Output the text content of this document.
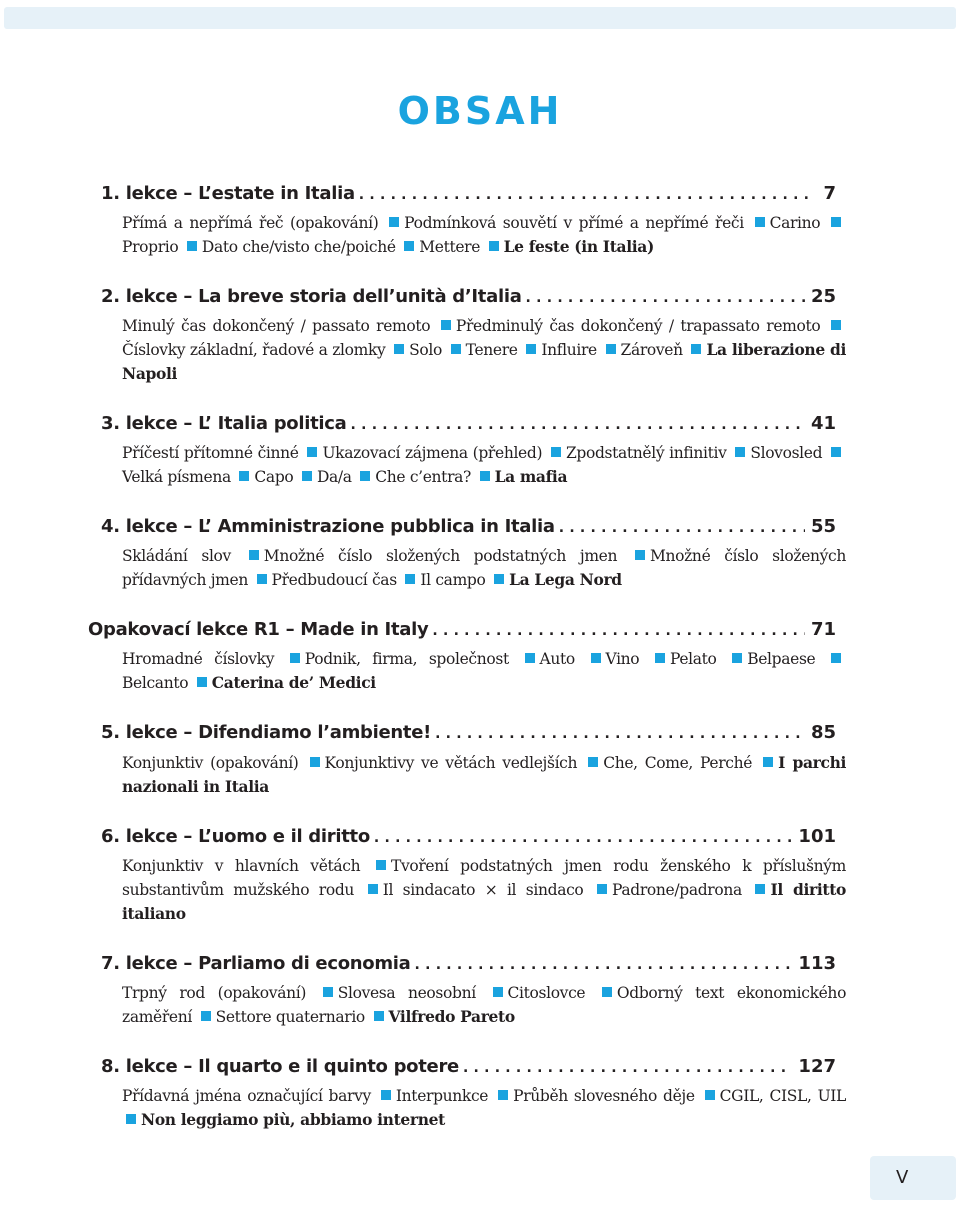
OBSAH
1. lekce – L’estate in Italia . . .	7
Přímá a nepřímá řeč (opakování) Podmínková souvětí v přímé a nepřímé řeči Carino Proprio Dato che/visto che/poiché Mettere Le feste (in Italia)
2. lekce – La breve storia dell’unità d’Italia . . .	25
Minulý čas dokončený / passato remoto Předminulý čas dokončený / trapassato remoto Číslovky základní, řadové a zlomky Solo Tenere Influire Zároveň La liberazione di Napoli
3. lekce – L’ Italia politica . . .	41
Příčestí přítomné činné Ukazovací zájmena (přehled) Zpodstatnělý infinitiv Slovosled Velká písmena Capo Da/a Che c’entra? La mafia
4. lekce – L’ Amministrazione pubblica in Italia . . .	55
Skládání slov Množné číslo složených podstatných jmen Množné číslo složených přídavných jmen Předbudoucí čas Il campo La Lega Nord
Opakovací lekce R1 – Made in Italy . . .	71
Hromadné číslovky Podnik, firma, společnost Auto Vino Pelato Belpaese Belcanto Caterina de’ Medici
5. lekce – Difendiamo l’ambiente! . . .	85
Konjunktiv (opakování) Konjunktivy ve větách vedlejších Che, Come, Perché I parchi nazionali in Italia
6. lekce – L’uomo e il diritto . . .	101
Konjunktiv v hlavních větách Tvoření podstatných jmen rodu ženského k příslušným substantivům mužského rodu Il sindacato × il sindaco Padrone/padrona Il diritto italiano
7. lekce – Parliamo di economia . . .	113
Trpný rod (opakování) Slovesa neosobní Citoslovce Odborný text ekonomického zaměření Settore quaternario Vilfredo Pareto
8. lekce – Il quarto e il quinto potere . . .	127
Přídavná jména označující barvy Interpunkce Průběh slovesného děje CGIL, CISL, UIL Non leggiamo più, abbiamo internet
V
